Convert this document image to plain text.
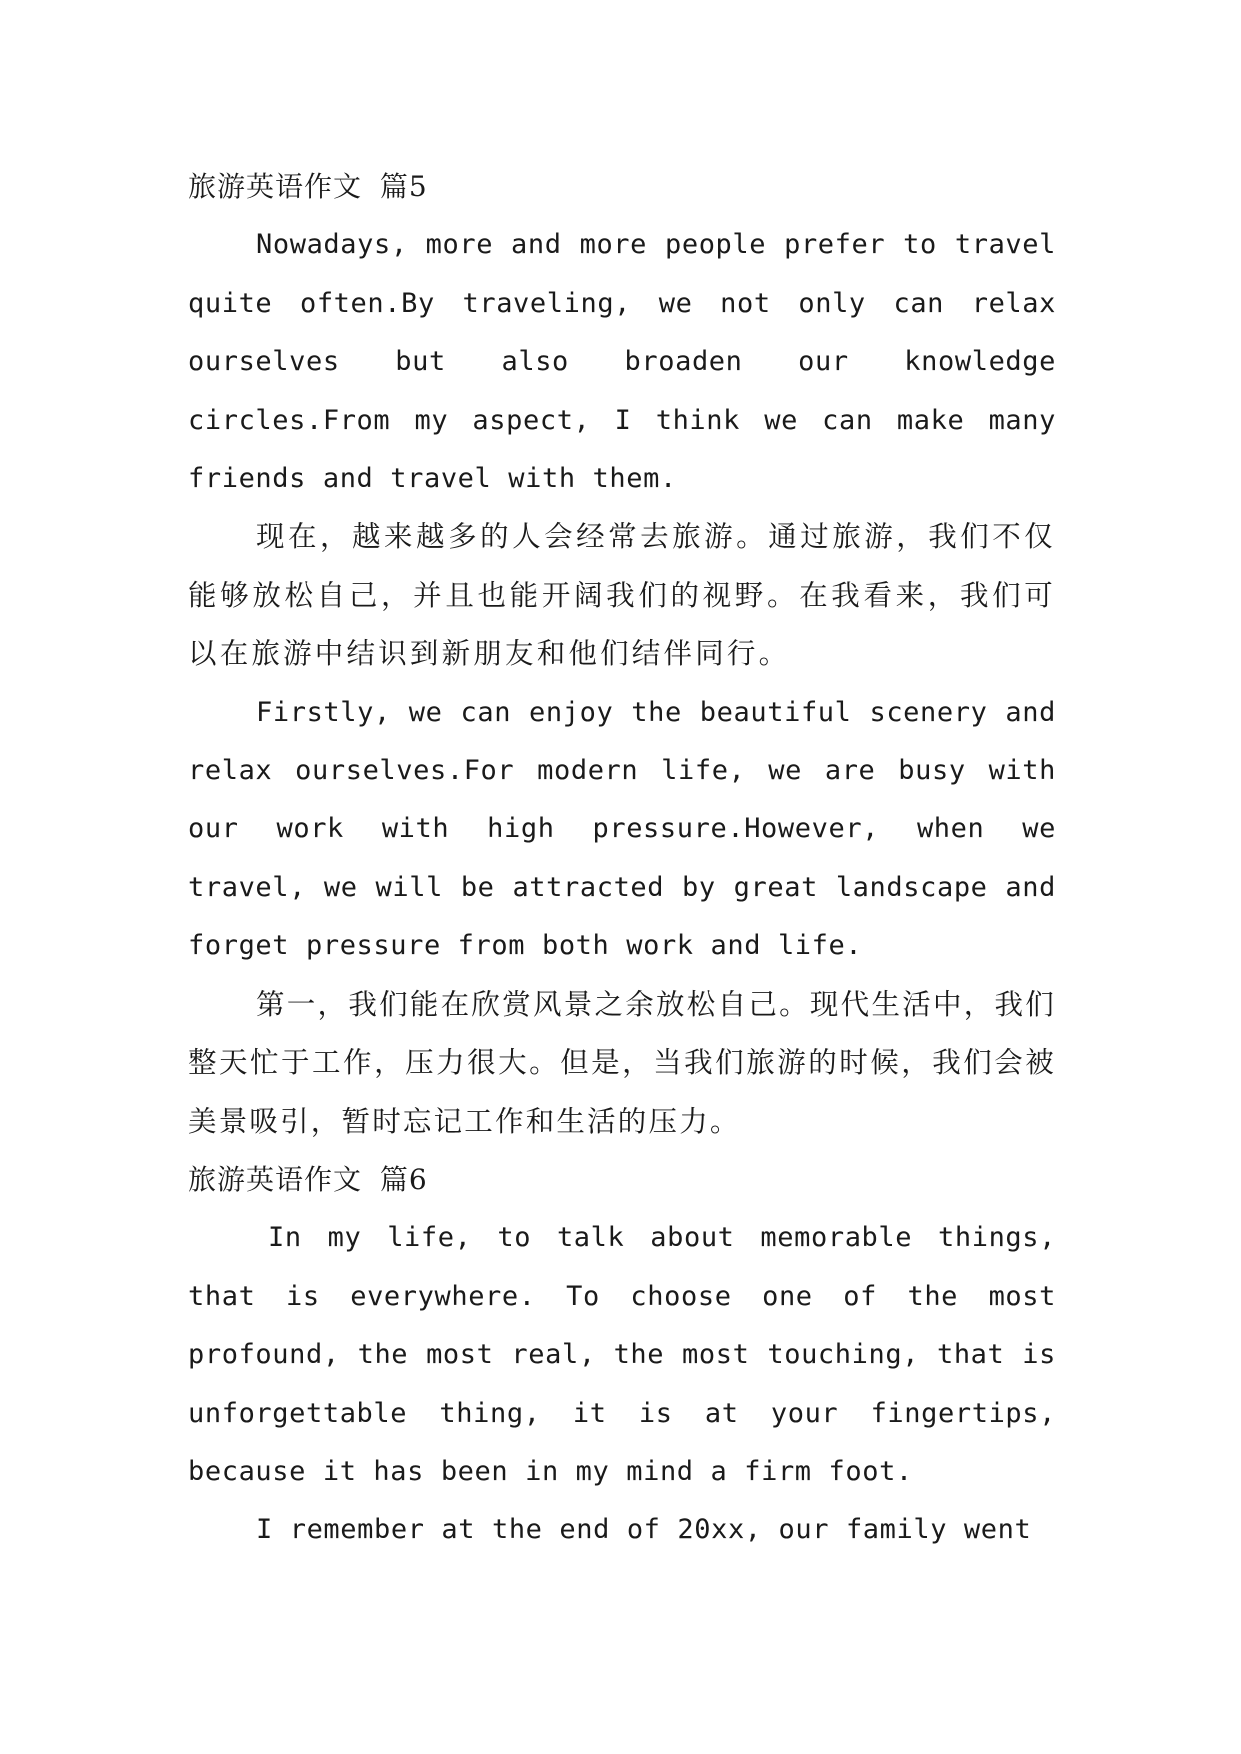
旅游英语作文 篇5

Nowadays, more and more people prefer to travel quite often.By traveling, we not only can relax ourselves but also broaden our knowledge circles.From my aspect, I think we can make many friends and travel with them.

现在，越来越多的人会经常去旅游。通过旅游，我们不仅能够放松自己，并且也能开阔我们的视野。在我看来，我们可以在旅游中结识到新朋友和他们结伴同行。

Firstly, we can enjoy the beautiful scenery and relax ourselves.For modern life, we are busy with our work with high pressure.However, when we travel, we will be attracted by great landscape and forget pressure from both work and life.

第一，我们能在欣赏风景之余放松自己。现代生活中，我们整天忙于工作，压力很大。但是，当我们旅游的时候，我们会被美景吸引，暂时忘记工作和生活的压力。

旅游英语作文 篇6

In my life, to talk about memorable things, that is everywhere. To choose one of the most profound, the most real, the most touching, that is unforgettable thing, it is at your fingertips, because it has been in my mind a firm foot.

I remember at the end of 20xx, our family went
